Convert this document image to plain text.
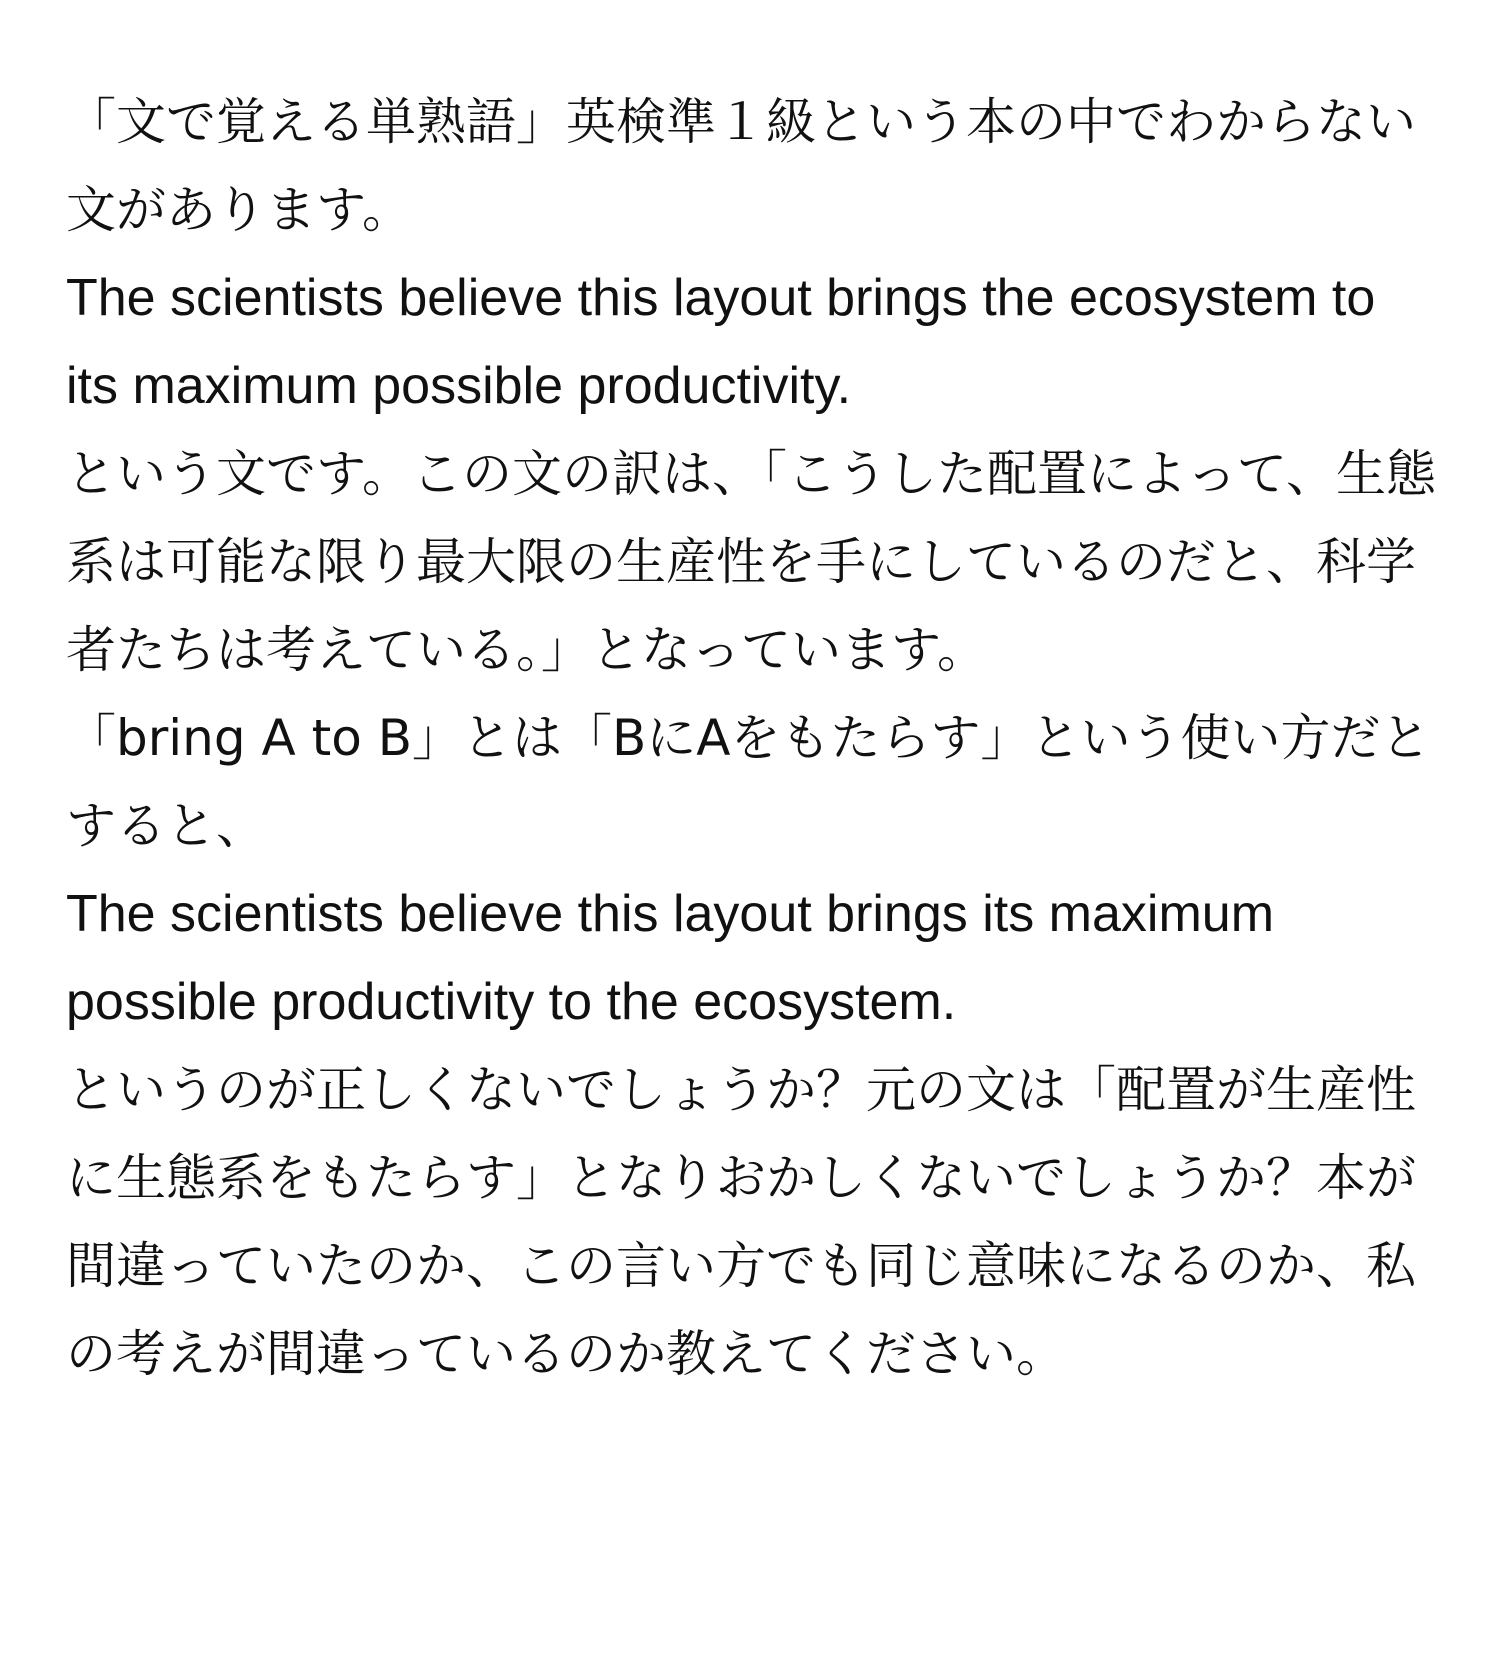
「文で覚える単熟語」英検準１級という本の中でわからない文があります。

The scientists believe this layout brings the ecosystem to its maximum possible productivity.

という文です。この文の訳は、「こうした配置によって、生態系は可能な限り最大限の生産性を手にしているのだと、科学者たちは考えている。」となっています。

「bring A to B」とは「BにAをもたらす」という使い方だとすると、

The scientists believe this layout brings its maximum possible productivity to the ecosystem.

というのが正しくないでしょうか？元の文は「配置が生産性に生態系をもたらす」となりおかしくないでしょうか？本が間違っていたのか、この言い方でも同じ意味になるのか、私の考えが間違っているのか教えてください。
